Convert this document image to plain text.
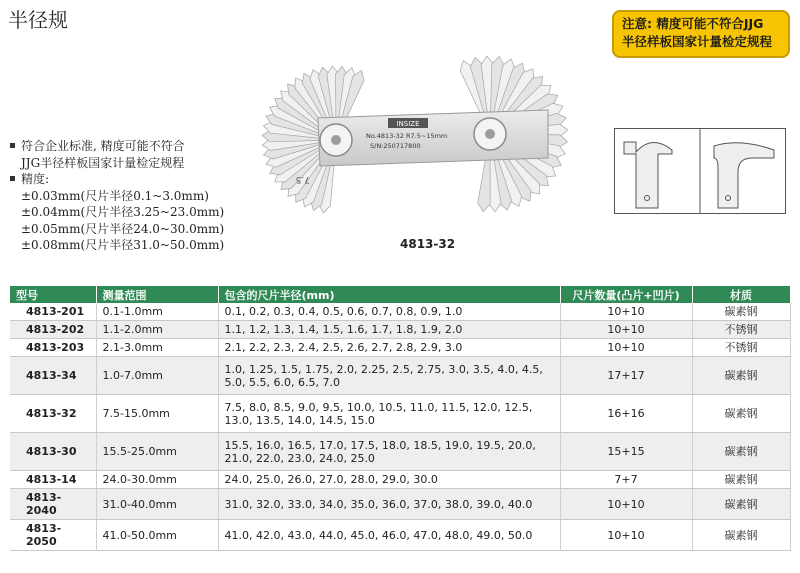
半径规	注意: 精度可能不符合JJG
半径样板国家计量检定规程
INSIZE
No.4813-32 R7.5~15mm
S/N:250717800
7.5
4813-32
符合企业标准, 精度可能不符合
JJG半径样板国家计量检定规程
精度:
±0.03mm(尺片半径0.1~3.0mm)
±0.04mm(尺片半径3.25~23.0mm)
±0.05mm(尺片半径24.0~30.0mm)
±0.08mm(尺片半径31.0~50.0mm)
型号	测量范围	包含的尺片半径(mm)	尺片数量(凸片+凹片)	材质
4813-201	0.1-1.0mm	0.1, 0.2, 0.3, 0.4, 0.5, 0.6, 0.7, 0.8, 0.9, 1.0	10+10	碳素钢
4813-202	1.1-2.0mm	1.1, 1.2, 1.3, 1.4, 1.5, 1.6, 1.7, 1.8, 1.9, 2.0	10+10	不锈钢
4813-203	2.1-3.0mm	2.1, 2.2, 2.3, 2.4, 2.5, 2.6, 2.7, 2.8, 2.9, 3.0	10+10	不锈钢
4813-34	1.0-7.0mm	1.0, 1.25, 1.5, 1.75, 2.0, 2.25, 2.5, 2.75, 3.0, 3.5, 4.0, 4.5, 5.0, 5.5, 6.0, 6.5, 7.0	17+17	碳素钢
4813-32	7.5-15.0mm	7.5, 8.0, 8.5, 9.0, 9.5, 10.0, 10.5, 11.0, 11.5, 12.0, 12.5, 13.0, 13.5, 14.0, 14.5, 15.0	16+16	碳素钢
4813-30	15.5-25.0mm	15.5, 16.0, 16.5, 17.0, 17.5, 18.0, 18.5, 19.0, 19.5, 20.0, 21.0, 22.0, 23.0, 24.0, 25.0	15+15	碳素钢
4813-14	24.0-30.0mm	24.0, 25.0, 26.0, 27.0, 28.0, 29.0, 30.0	7+7	碳素钢
4813-2040	31.0-40.0mm	31.0, 32.0, 33.0, 34.0, 35.0, 36.0, 37.0, 38.0, 39.0, 40.0	10+10	碳素钢
4813-2050	41.0-50.0mm	41.0, 42.0, 43.0, 44.0, 45.0, 46.0, 47.0, 48.0, 49.0, 50.0	10+10	碳素钢
